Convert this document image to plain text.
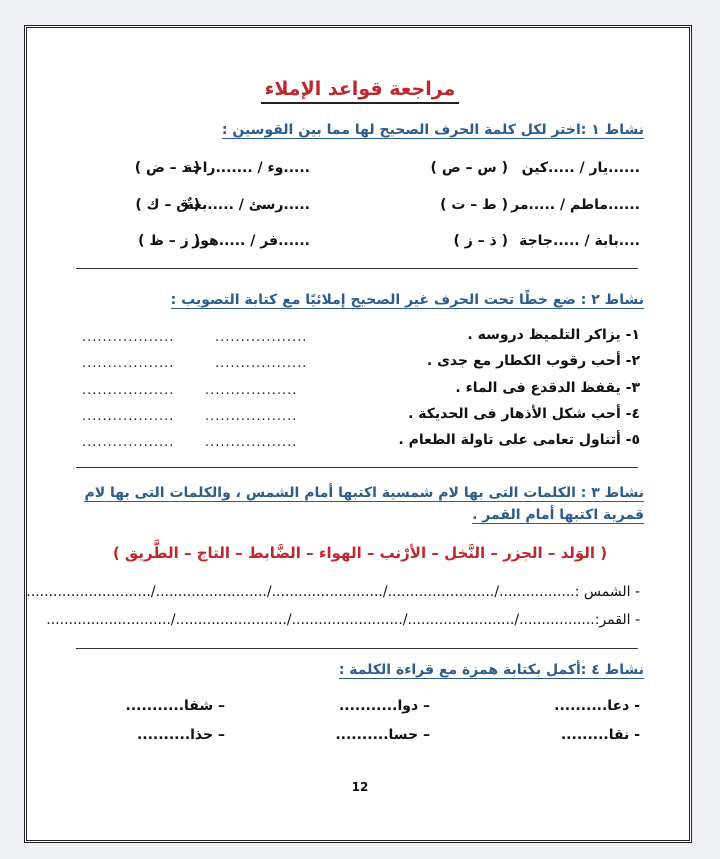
مراجعة قواعد الإملاء
نشاط ١ :اختر لكل كلمة الحرف الصحيح لها مما بين القوسين :
......يار / .....كين
( س – ص )
.....وء / .......راجة
( د – ض )
......ماطم / .....مر
( ط – ت )
.....رسئ / .....بعةٌ
( ق – ك )
....بابة / .....جاجة
( ذ – ز )
......فر / .....هور
( ز – ظ )
نشاط ٢ : ضع خطًا تحت الحرف غير الصحيح إملائيًا مع كتابة التصويب :
١- يزاكر التلميظ دروسه .
٢- أحب رقوب الكطار مع جدى .
٣- يقفظ الدقدع فى الماء .
٤- أحب شكل الأذهار فى الحديكة .
٥- أتناول تعامى على تاولة الطعام .
..................
..................
..................
..................
..................
..................
..................
..................
..................
..................
نشاط ٣ : الكلمات التى بها لام شمسية اكتبها أمام الشمس ، والكلمات التى بها لام قمرية اكتبها أمام القمر .
( الوَلد – الجزر – النَّخل – الأرْنب – الهواء – الضَّابط – التاج – الطَّريق )
- الشمس :................./......................../........................./........................./............................
- القمر:................./......................../........................./........................./............................
نشاط ٤ :أكمل بكتابة همزة مع قراءة الكلمة :
- دعا..........
– دوا...........
– شفا...........
- نقا.........
– حسا..........
– حذا..........
12
